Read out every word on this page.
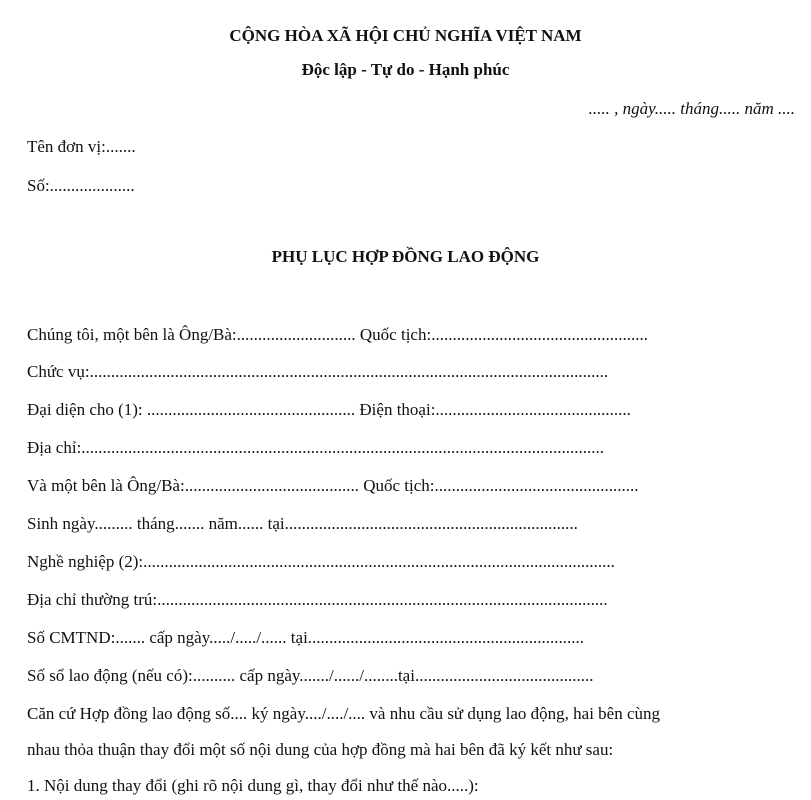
CỘNG HÒA XÃ HỘI CHỦ NGHĨA VIỆT NAM
Độc lập - Tự do - Hạnh phúc
..... , ngày..... tháng..... năm ....
Tên đơn vị:.......
Số:....................
PHỤ LỤC HỢP ĐỒNG LAO ĐỘNG
Chúng tôi, một bên là Ông/Bà:............................ Quốc tịch:...................................................
Chức vụ:..........................................................................................................................
Đại diện cho (1): ................................................. Điện thoại:..............................................
Địa chỉ:...........................................................................................................................
Và một bên là Ông/Bà:......................................... Quốc tịch:................................................
Sinh ngày......... tháng....... năm...... tại.....................................................................
Nghề nghiệp (2):...............................................................................................................
Địa chỉ thường trú:..........................................................................................................
Số CMTND:....... cấp ngày...../...../...... tại.................................................................
Số sổ lao động (nếu có):.......... cấp ngày......./....../........tại..........................................
Căn cứ Hợp đồng lao động số.... ký ngày..../..../.... và nhu cầu sử dụng lao động, hai bên cùng
nhau thỏa thuận thay đổi một số nội dung của hợp đồng mà hai bên đã ký kết như sau:
1. Nội dung thay đổi (ghi rõ nội dung gì, thay đổi như thế nào.....):
